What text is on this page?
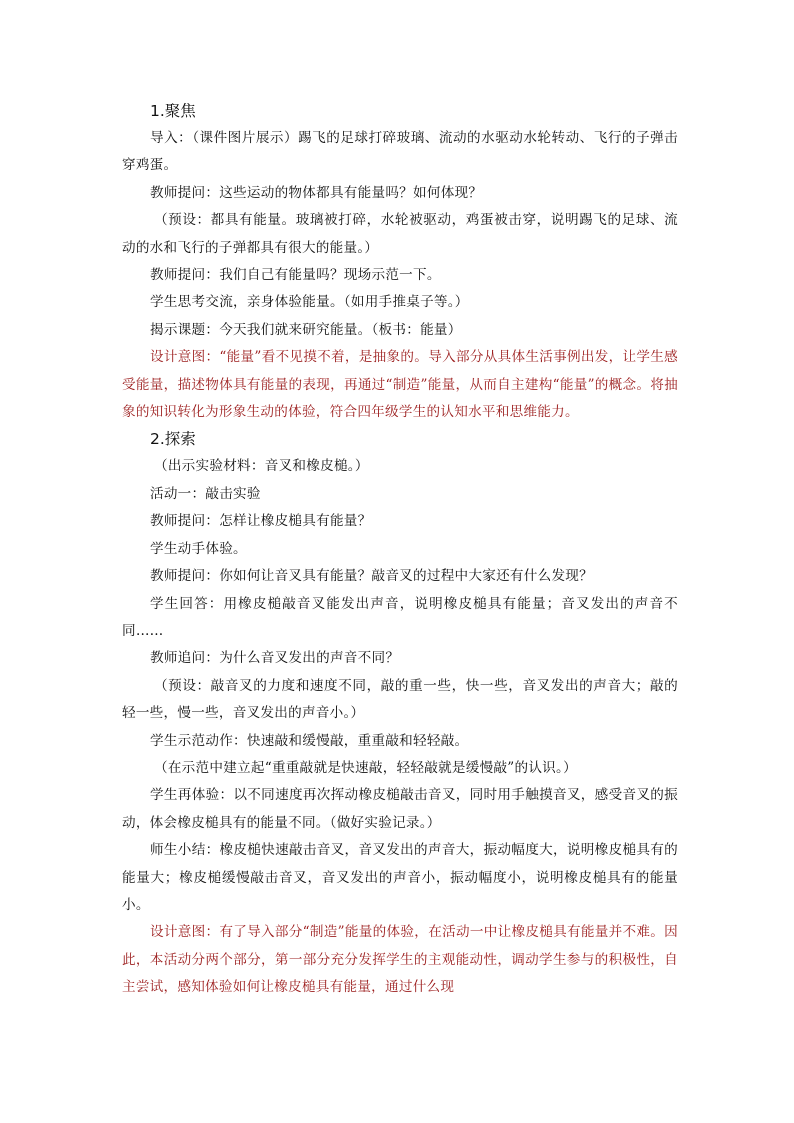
1.聚焦

导入：（课件图片展示）踢飞的足球打碎玻璃、流动的水驱动水轮转动、飞行的子弹击穿鸡蛋。

教师提问：这些运动的物体都具有能量吗？如何体现？

（预设：都具有能量。玻璃被打碎，水轮被驱动，鸡蛋被击穿，说明踢飞的足球、流动的水和飞行的子弹都具有很大的能量。）

教师提问：我们自己有能量吗？现场示范一下。

学生思考交流，亲身体验能量。（如用手推桌子等。）

揭示课题：今天我们就来研究能量。（板书：能量）

设计意图：“能量”看不见摸不着，是抽象的。导入部分从具体生活事例出发，让学生感受能量，描述物体具有能量的表现，再通过“制造”能量，从而自主建构“能量”的概念。将抽象的知识转化为形象生动的体验，符合四年级学生的认知水平和思维能力。

2.探索

（出示实验材料：音叉和橡皮槌。）

活动一：敲击实验

教师提问：怎样让橡皮槌具有能量？

学生动手体验。

教师提问：你如何让音叉具有能量？敲音叉的过程中大家还有什么发现？

学生回答：用橡皮槌敲音叉能发出声音，说明橡皮槌具有能量；音叉发出的声音不同……

教师追问：为什么音叉发出的声音不同？

（预设：敲音叉的力度和速度不同，敲的重一些，快一些，音叉发出的声音大；敲的轻一些，慢一些，音叉发出的声音小。）

学生示范动作：快速敲和缓慢敲，重重敲和轻轻敲。

（在示范中建立起“重重敲就是快速敲，轻轻敲就是缓慢敲”的认识。）

学生再体验：以不同速度再次挥动橡皮槌敲击音叉，同时用手触摸音叉，感受音叉的振动，体会橡皮槌具有的能量不同。（做好实验记录。）

师生小结：橡皮槌快速敲击音叉，音叉发出的声音大，振动幅度大，说明橡皮槌具有的能量大；橡皮槌缓慢敲击音叉，音叉发出的声音小，振动幅度小，说明橡皮槌具有的能量小。

设计意图：有了导入部分“制造”能量的体验，在活动一中让橡皮槌具有能量并不难。因此，本活动分两个部分，第一部分充分发挥学生的主观能动性，调动学生参与的积极性，自主尝试，感知体验如何让橡皮槌具有能量，通过什么现
